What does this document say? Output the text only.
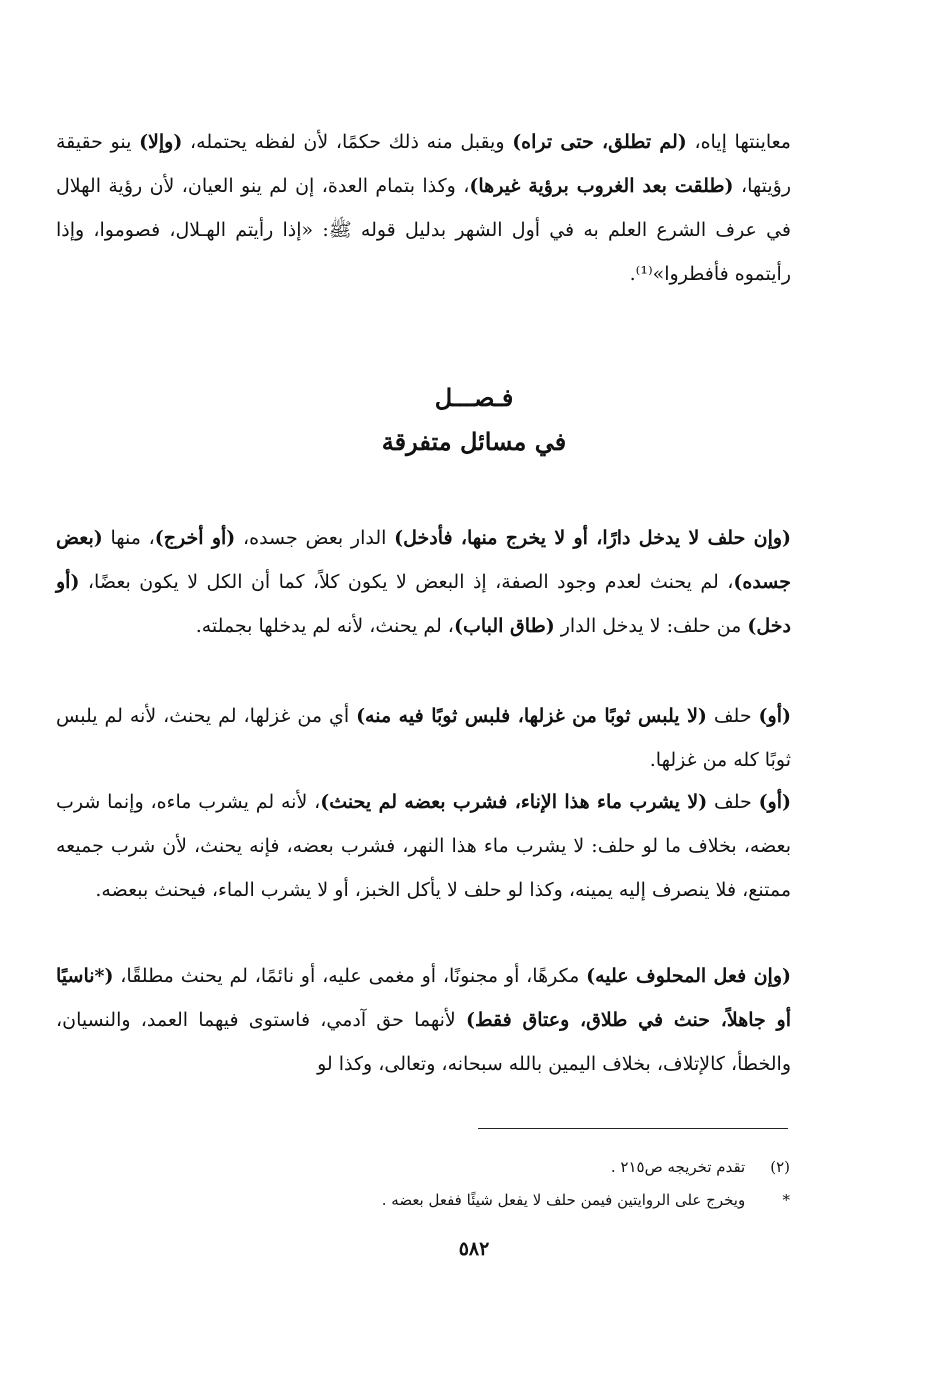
معاينتها إياه، (لم تطلق، حتى تراه) ويقبل منه ذلك حكمًا، لأن لفظه يحتمله، (وإلا) ينو حقيقة رؤيتها، (طلقت بعد الغروب برؤية غيرها)، وكذا بتمام العدة، إن لم ينو العيان، لأن رؤية الهلال في عرف الشرع العلم به في أول الشهر بدليل قوله ﷺ: «إذا رأيتم الهـلال، فصوموا، وإذا رأيتموه فأفطروا»⁽¹⁾.
فـصـــل
في مسائل متفرقة
(وإن حلف لا يدخل دارًا، أو لا يخرج منها، فأدخل) الدار بعض جسده، (أو أخرج)، منها (بعض جسده)، لم يحنث لعدم وجود الصفة، إذ البعض لا يكون كلاً، كما أن الكل لا يكون بعضًا، (أو دخل) من حلف: لا يدخل الدار (طاق الباب)، لم يحنث، لأنه لم يدخلها بجملته.
(أو) حلف (لا يلبس ثوبًا من غزلها، فلبس ثوبًا فيه منه) أي من غزلها، لم يحنث، لأنه لم يلبس ثوبًا كله من غزلها.
(أو) حلف (لا يشرب ماء هذا الإناء، فشرب بعضه لم يحنث)، لأنه لم يشرب ماءه، وإنما شرب بعضه، بخلاف ما لو حلف: لا يشرب ماء هذا النهر، فشرب بعضه، فإنه يحنث، لأن شرب جميعه ممتنع، فلا ينصرف إليه يمينه، وكذا لو حلف لا يأكل الخبز، أو لا يشرب الماء، فيحنث ببعضه.
(وإن فعل المحلوف عليه) مكرهًا، أو مجنونًا، أو مغمى عليه، أو نائمًا، لم يحنث مطلقًا، (*ناسيًا أو جاهلاً، حنث في طلاق، وعتاق فقط) لأنهما حق آدمي، فاستوى فيهما العمد، والنسيان، والخطأ، كالإتلاف، بخلاف اليمين بالله سبحانه، وتعالى، وكذا لو
(٢) تقدم تخريجه ص٢١٥ .
* ويخرج على الروايتين فيمن حلف لا يفعل شيئًا ففعل بعضه .
٥٨٢
